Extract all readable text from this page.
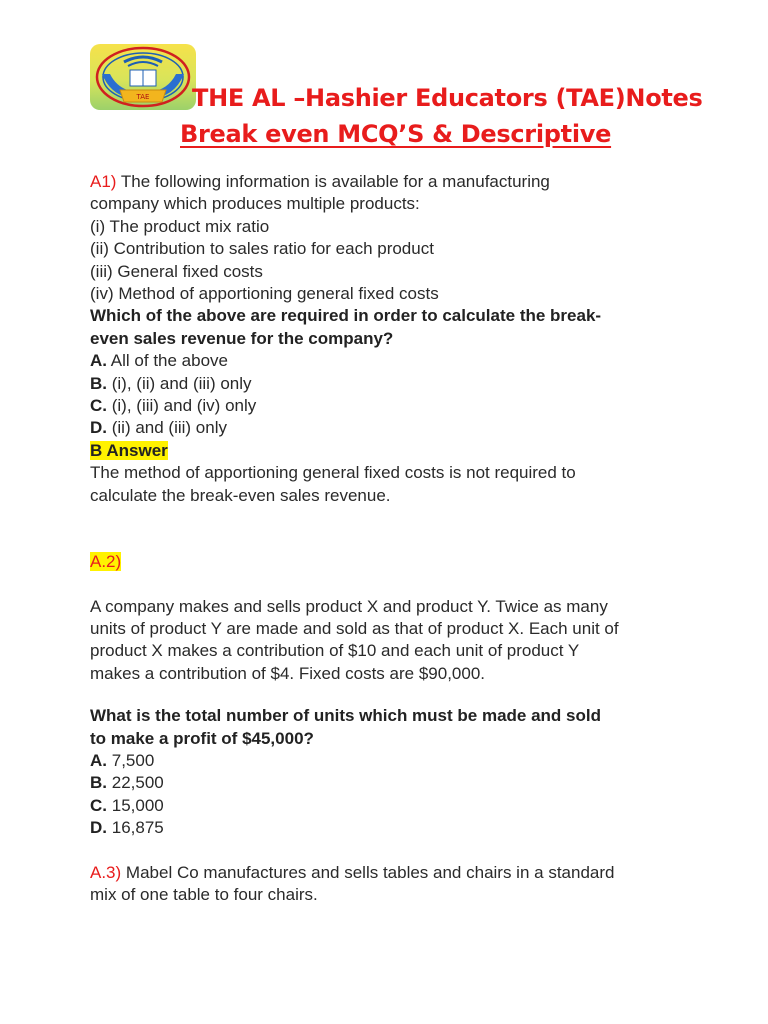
TAE THE AL –Hashier Educators (TAE)Notes
Break even MCQ’S & Descriptive
A1) The following information is available for a manufacturing
company which produces multiple products:
(i) The product mix ratio
(ii) Contribution to sales ratio for each product
(iii) General fixed costs
(iv) Method of apportioning general fixed costs
Which of the above are required in order to calculate the break-
even sales revenue for the company?
A. All of the above
B. (i), (ii) and (iii) only
C. (i), (iii) and (iv) only
D. (ii) and (iii) only
B Answer
The method of apportioning general fixed costs is not required to
calculate the break-even sales revenue.
A.2)
A company makes and sells product X and product Y. Twice as many
units of product Y are made and sold as that of product X. Each unit of
product X makes a contribution of $10 and each unit of product Y
makes a contribution of $4. Fixed costs are $90,000.
What is the total number of units which must be made and sold
to make a profit of $45,000?
A. 7,500
B. 22,500
C. 15,000
D. 16,875
A.3) Mabel Co manufactures and sells tables and chairs in a standard
mix of one table to four chairs.
